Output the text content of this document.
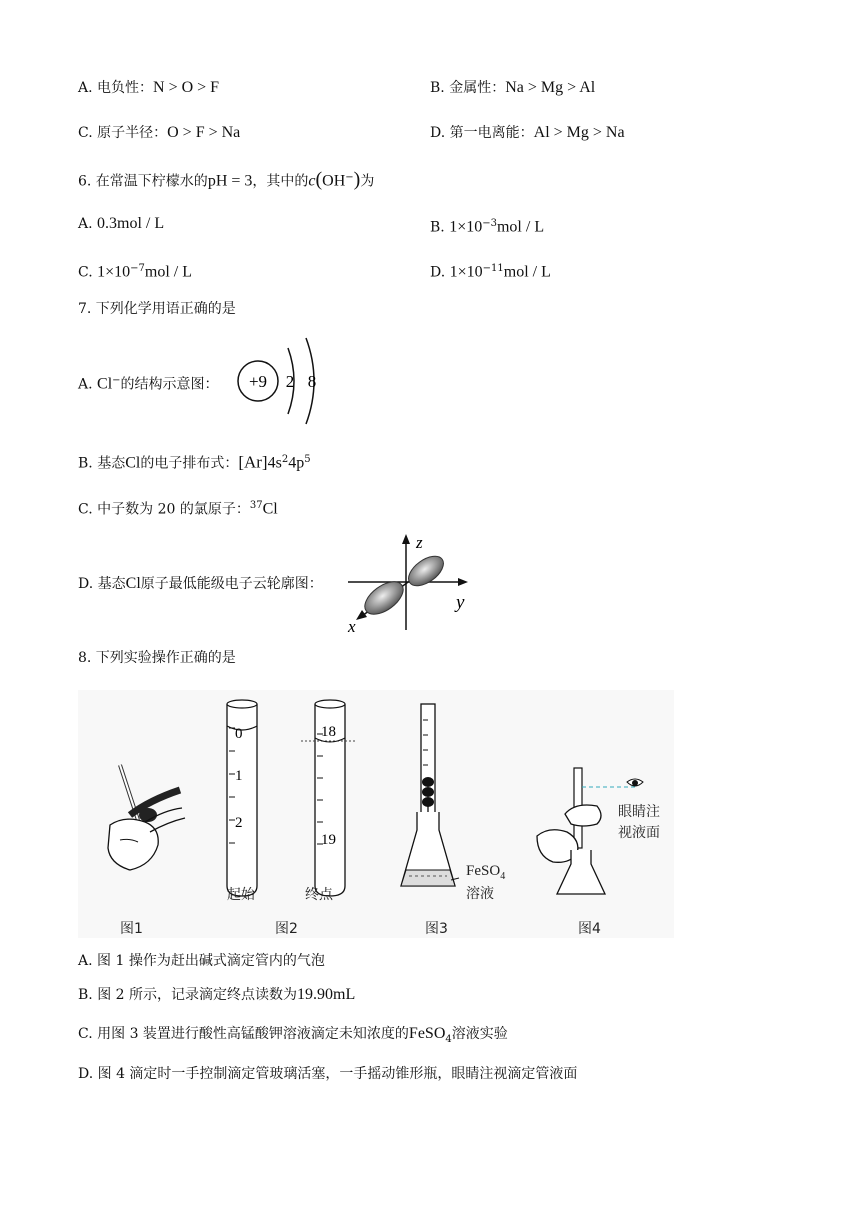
A. 电负性：N > O > F	B. 金属性：Na > Mg > Al
C. 原子半径：O > F > Na	D. 第一电离能：Al > Mg > Na
6. 在常温下柠檬水的pH = 3，其中的c(OH−)为
A. 0.3mol / L	B. $1\times 10^{-3}mol / L$
C. $1\times 10^{-7}mol / L$	D. $1\times 10^{-11}mol / L$
7. 下列化学用语正确的是
A. Cl−的结构示意图： +9 2 8
B. 基态Cl的电子排布式：$[Ar]4s^24p^5$
C. 中子数为 20 的氯原子：$^{37}$Cl
D. 基态Cl原子最低能级电子云轮廓图：
z
y
x
8. 下列实验操作正确的是
0
1
2
18
19
起始	终点
FeSO$_4$
溶液
眼睛注
视液面
图1	图2	图3	图4
A. 图 1 操作为赶出碱式滴定管内的气泡
B. 图 2 所示，记录滴定终点读数为19.90mL
C. 用图 3 装置进行酸性高锰酸钾溶液滴定未知浓度的FeSO$_4$溶液实验
D. 图 4 滴定时一手控制滴定管玻璃活塞，一手摇动锥形瓶，眼睛注视滴定管液面
